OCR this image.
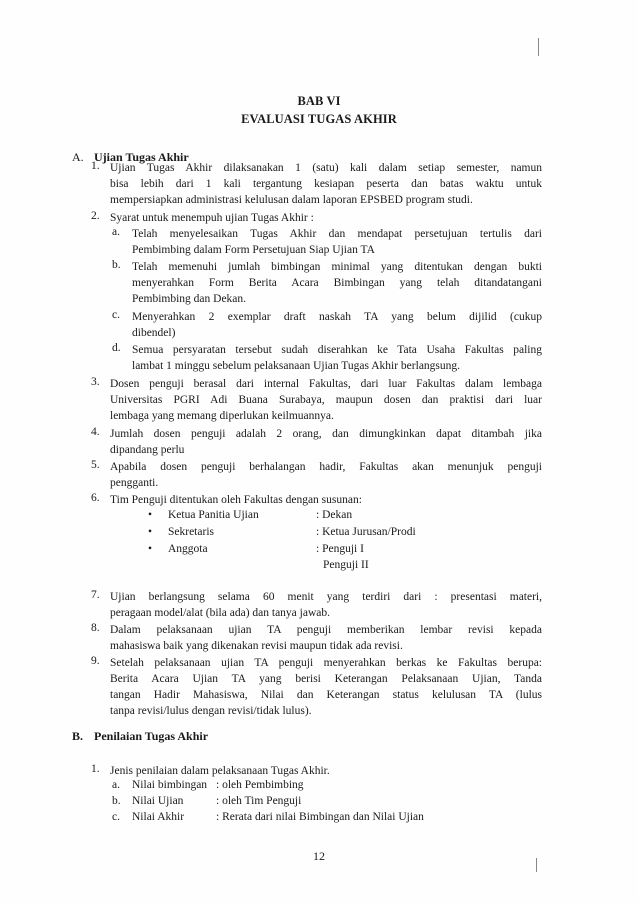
BAB VI
EVALUASI TUGAS AKHIR
A. Ujian Tugas Akhir
1. Ujian Tugas Akhir dilaksanakan 1 (satu) kali dalam setiap semester, namun
bisa lebih dari 1 kali tergantung kesiapan peserta dan batas waktu untuk
mempersiapkan administrasi kelulusan dalam laporan EPSBED program studi.
2. Syarat untuk menempuh ujian Tugas Akhir :
a. Telah menyelesaikan Tugas Akhir dan mendapat persetujuan tertulis dari
Pembimbing dalam Form Persetujuan Siap Ujian TA
b. Telah memenuhi jumlah bimbingan minimal yang ditentukan dengan bukti
menyerahkan Form Berita Acara Bimbingan yang telah ditandatangani
Pembimbing dan Dekan.
c. Menyerahkan 2 exemplar draft naskah TA yang belum dijilid (cukup
dibendel)
d. Semua persyaratan tersebut sudah diserahkan ke Tata Usaha Fakultas paling
lambat 1 minggu sebelum pelaksanaan Ujian Tugas Akhir berlangsung.
3. Dosen penguji berasal dari internal Fakultas, dari luar Fakultas dalam lembaga
Universitas PGRI Adi Buana Surabaya, maupun dosen dan praktisi dari luar
lembaga yang memang diperlukan keilmuannya.
4. Jumlah dosen penguji adalah 2 orang, dan dimungkinkan dapat ditambah jika
dipandang perlu
5. Apabila dosen penguji berhalangan hadir, Fakultas akan menunjuk penguji
pengganti.
6. Tim Penguji ditentukan oleh Fakultas dengan susunan:
• Ketua Panitia Ujian	: Dekan
• Sekretaris	: Ketua Jurusan/Prodi
• Anggota	: Penguji I
Penguji II
7. Ujian berlangsung selama 60 menit yang terdiri dari : presentasi materi,
peragaan model/alat (bila ada) dan tanya jawab.
8. Dalam pelaksanaan ujian TA penguji memberikan lembar revisi kepada
mahasiswa baik yang dikenakan revisi maupun tidak ada revisi.
9. Setelah pelaksanaan ujian TA penguji menyerahkan berkas ke Fakultas berupa:
Berita Acara Ujian TA yang berisi Keterangan Pelaksanaan Ujian, Tanda
tangan Hadir Mahasiswa, Nilai dan Keterangan status kelulusan TA (lulus
tanpa revisi/lulus dengan revisi/tidak lulus).
B. Penilaian Tugas Akhir
1. Jenis penilaian dalam pelaksanaan Tugas Akhir.
a. Nilai bimbingan : oleh Pembimbing
b. Nilai Ujian	: oleh Tim Penguji
c. Nilai Akhir	: Rerata dari nilai Bimbingan dan Nilai Ujian
12
